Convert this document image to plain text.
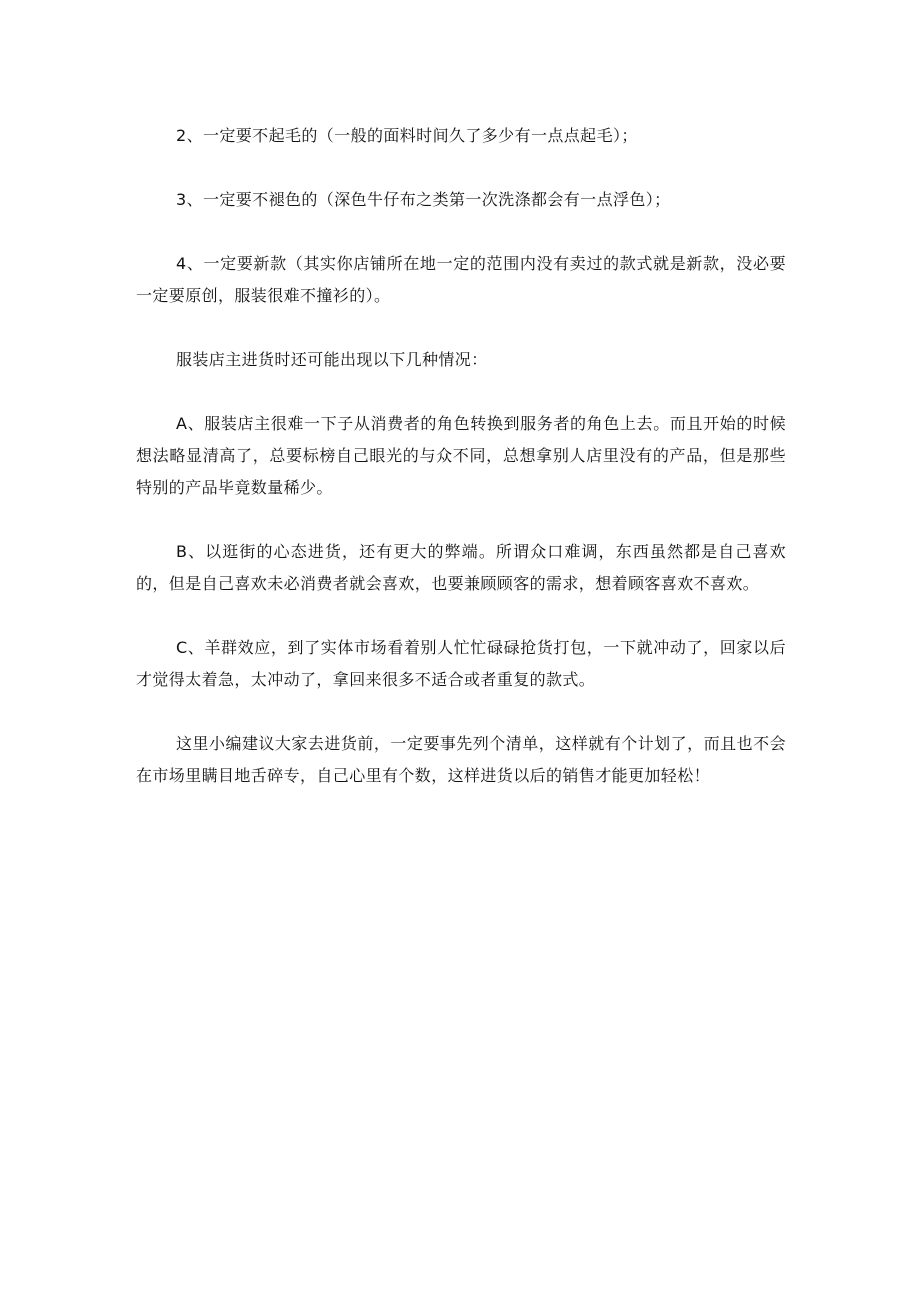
2、一定要不起毛的（一般的面料时间久了多少有一点点起毛）；

3、一定要不褪色的（深色牛仔布之类第一次洗涤都会有一点浮色）；

4、一定要新款（其实你店铺所在地一定的范围内没有卖过的款式就是新款，没必要一定要原创，服装很难不撞衫的）。

服装店主进货时还可能出现以下几种情况：

A、服装店主很难一下子从消费者的角色转换到服务者的角色上去。而且开始的时候想法略显清高了，总要标榜自己眼光的与众不同，总想拿别人店里没有的产品，但是那些特别的产品毕竟数量稀少。

B、以逛街的心态进货，还有更大的弊端。所谓众口难调，东西虽然都是自己喜欢的，但是自己喜欢未必消费者就会喜欢，也要兼顾顾客的需求，想着顾客喜欢不喜欢。

C、羊群效应，到了实体市场看着别人忙忙碌碌抢货打包，一下就冲动了，回家以后才觉得太着急，太冲动了，拿回来很多不适合或者重复的款式。

这里小编建议大家去进货前，一定要事先列个清单，这样就有个计划了，而且也不会在市场里瞒目地舌碎专，自己心里有个数，这样进货以后的销售才能更加轻松！
